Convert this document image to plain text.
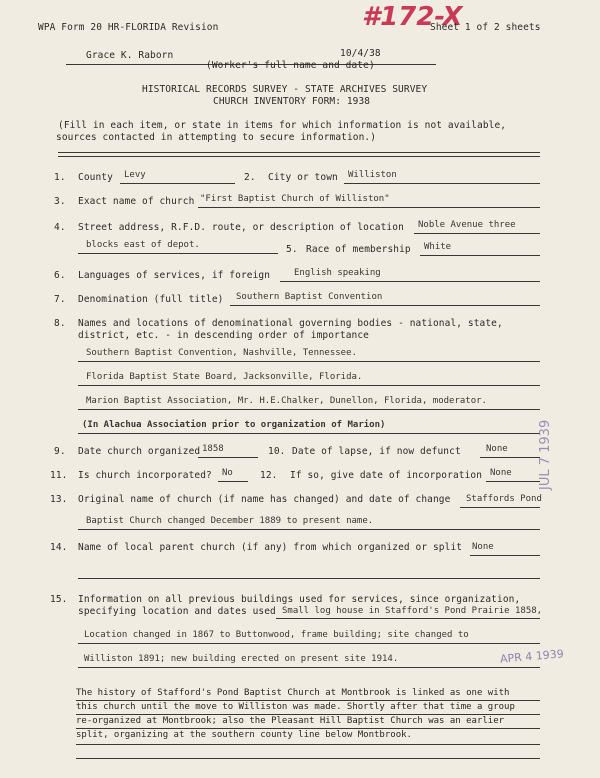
WPA Form 20 HR-FLORIDA Revision	#172-X
Sheet 1 of 2 sheets
Grace K. Raborn	10/4/38
(Worker's full name and date)
HISTORICAL RECORDS SURVEY - STATE ARCHIVES SURVEY
CHURCH INVENTORY FORM: 1938
(Fill in each item, or state in items for which information is not available,
sources contacted in attempting to secure information.)
1. County Levy	2. City or town Williston
3. Exact name of church "First Baptist Church of Williston"
4. Street address, R.F.D. route, or description of location Noble Avenue three
blocks east of depot.	5. Race of membership White
6. Languages of services, if foreign	English speaking
7. Denomination (full title) Southern Baptist Convention
8. Names and locations of denominational governing bodies - national, state,
district, etc. - in descending order of importance
Southern Baptist Convention, Nashville, Tennessee.
Florida Baptist State Board, Jacksonville, Florida.
Marion Baptist Association, Mr. H.E.Chalker, Dunellon, Florida, moderator.
(In Alachua Association prior to organization of Marion)
9. Date church organized 1858	10. Date of lapse, if now defunct	None
11. Is church incorporated? No	12. If so, give date of incorporation None
13. Original name of church (if name has changed) and date of change Staffords Pond
Baptist Church changed December 1889 to present name.
14. Name of local parent church (if any) from which organized or split None
15. Information on all previous buildings used for services, since organization,
specifying location and dates used Small log house in Stafford's Pond Prairie 1858,
Location changed in 1867 to Buttonwood, frame building; site changed to
Williston 1891; new building erected on present site 1914.
The history of Stafford's Pond Baptist Church at Montbrook is linked as one with
this church until the move to Williston was made. Shortly after that time a group
re-organized at Montbrook; also the Pleasant Hill Baptist Church was an earlier
split, organizing at the southern county line below Montbrook.
JUL 7 1939
APR 4 1939
